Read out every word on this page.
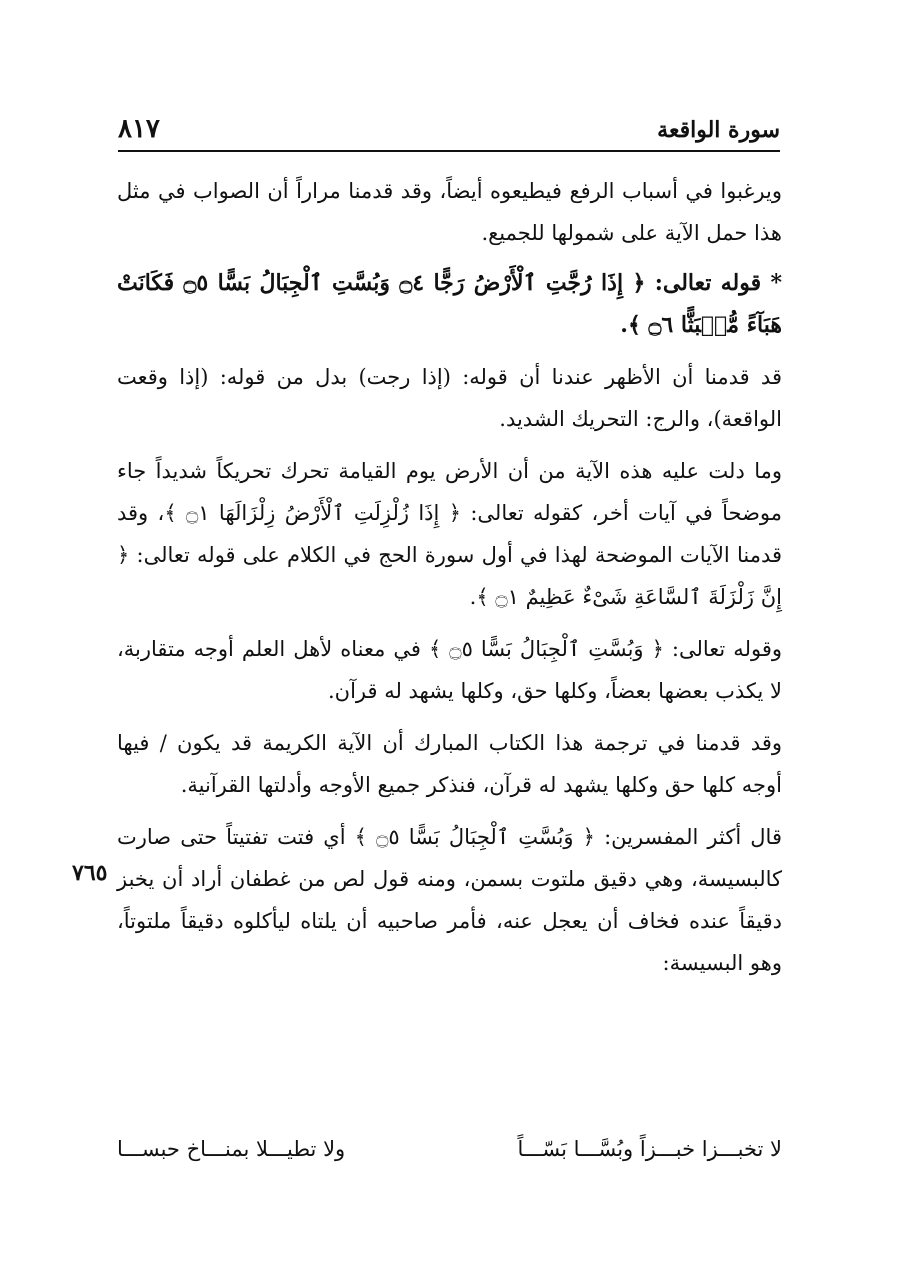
سورة الواقعة
٨١٧

ويرغبوا في أسباب الرفع فيطيعوه أيضاً، وقد قدمنا مراراً أن الصواب في مثل هذا حمل الآية على شمولها للجميع.

* قوله تعالى: ﴿ إِذَا رُجَّتِ ٱلْأَرْضُ رَجًّا ۝٤ وَبُسَّتِ ٱلْجِبَالُ بَسًّا ۝٥ فَكَانَتْ هَبَآءً مُّنۢبَثًّا ۝٦ ﴾.

قد قدمنا أن الأظهر عندنا أن قوله: (إذا رجت) بدل من قوله: (إذا وقعت الواقعة)، والرج: التحريك الشديد.

وما دلت عليه هذه الآية من أن الأرض يوم القيامة تحرك تحريكاً شديداً جاء موضحاً في آيات أخر، كقوله تعالى: ﴿ إِذَا زُلْزِلَتِ ٱلْأَرْضُ زِلْزَالَهَا ۝١ ﴾، وقد قدمنا الآيات الموضحة لهذا في أول سورة الحج في الكلام على قوله تعالى: ﴿ إِنَّ زَلْزَلَةَ ٱلسَّاعَةِ شَىْءٌ عَظِيمٌ ۝١ ﴾.

وقوله تعالى: ﴿ وَبُسَّتِ ٱلْجِبَالُ بَسًّا ۝٥ ﴾ في معناه لأهل العلم أوجه متقاربة، لا يكذب بعضها بعضاً، وكلها حق، وكلها يشهد له قرآن.

وقد قدمنا في ترجمة هذا الكتاب المبارك أن الآية الكريمة قد يكون / فيها أوجه كلها حق وكلها يشهد له قرآن، فنذكر جميع الأوجه وأدلتها القرآنية.

قال أكثر المفسرين: ﴿ وَبُسَّتِ ٱلْجِبَالُ بَسًّا ۝٥ ﴾ أي فتت تفتيتاً حتى صارت كالبسيسة، وهي دقيق ملتوت بسمن، ومنه قول لص من غطفان أراد أن يخبز دقيقاً عنده فخاف أن يعجل عنه، فأمر صاحبيه أن يلتاه ليأكلوه دقيقاً ملتوتاً، وهو البسيسة:

٧٦٥
لا تخبـــزا خبـــزاً وبُسَّـــا بَسّـــاً
ولا تطيـــلا بمنـــاخ حبســـا
